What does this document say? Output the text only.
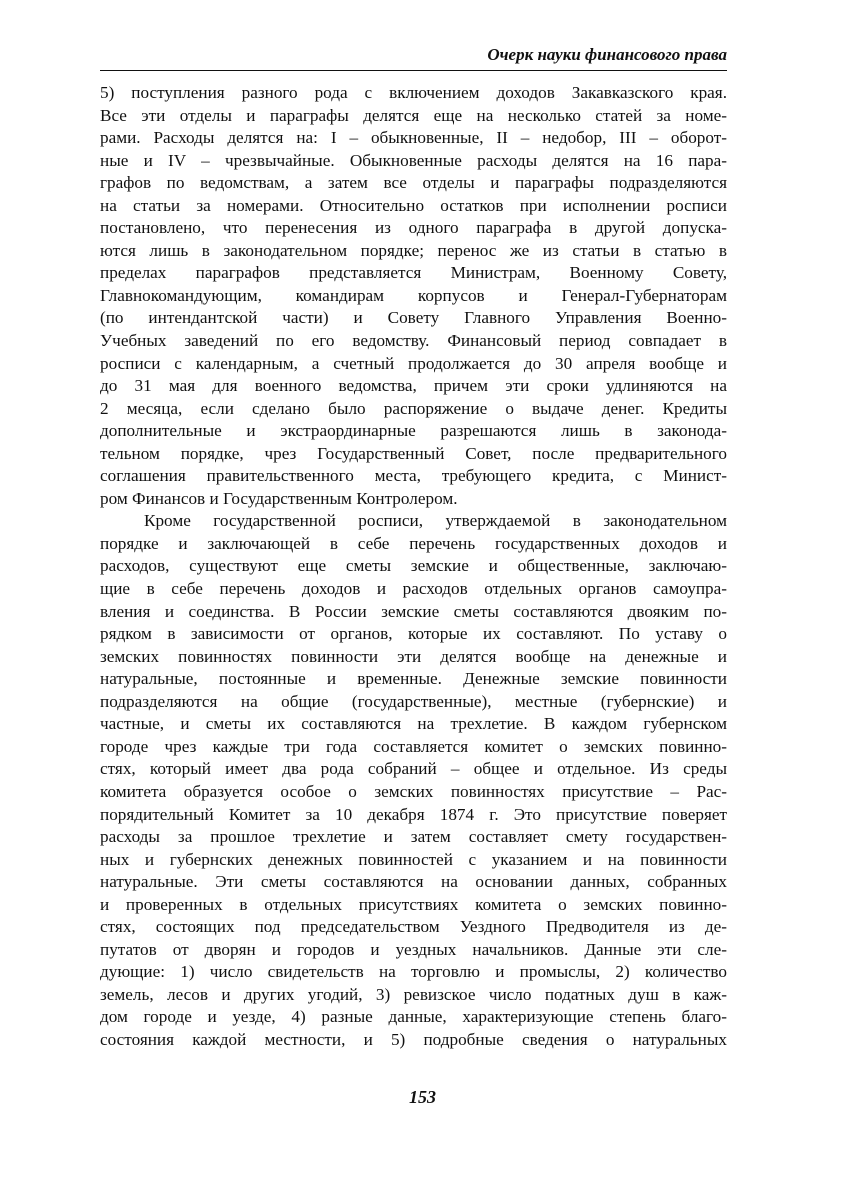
Очерк науки финансового права
5) поступления разного рода с включением доходов Закавказского края.
Все эти отделы и параграфы делятся еще на несколько статей за номе-
рами. Расходы делятся на: I – обыкновенные, II – недобор, III – оборот-
ные и IV – чрезвычайные. Обыкновенные расходы делятся на 16 пара-
графов по ведомствам, а затем все отделы и параграфы подразделяются
на статьи за номерами. Относительно остатков при исполнении росписи
постановлено, что перенесения из одного параграфа в другой допуска-
ются лишь в законодательном порядке; перенос же из статьи в статью в
пределах параграфов представляется Министрам, Военному Совету,
Главнокомандующим, командирам корпусов и Генерал-Губернаторам
(по интендантской части) и Совету Главного Управления Военно-
Учебных заведений по его ведомству. Финансовый период совпадает в
росписи с календарным, а счетный продолжается до 30 апреля вообще и
до 31 мая для военного ведомства, причем эти сроки удлиняются на
2 месяца, если сделано было распоряжение о выдаче денег. Кредиты
дополнительные и экстраординарные разрешаются лишь в законода-
тельном порядке, чрез Государственный Совет, после предварительного
соглашения правительственного места, требующего кредита, с Минист-
ром Финансов и Государственным Контролером.
Кроме государственной росписи, утверждаемой в законодательном
порядке и заключающей в себе перечень государственных доходов и
расходов, существуют еще сметы земские и общественные, заключаю-
щие в себе перечень доходов и расходов отдельных органов самоупра-
вления и соединства. В России земские сметы составляются двояким по-
рядком в зависимости от органов, которые их составляют. По уставу о
земских повинностях повинности эти делятся вообще на денежные и
натуральные, постоянные и временные. Денежные земские повинности
подразделяются на общие (государственные), местные (губернские) и
частные, и сметы их составляются на трехлетие. В каждом губернском
городе чрез каждые три года составляется комитет о земских повинно-
стях, который имеет два рода собраний – общее и отдельное. Из среды
комитета образуется особое о земских повинностях присутствие – Рас-
порядительный Комитет за 10 декабря 1874 г. Это присутствие поверяет
расходы за прошлое трехлетие и затем составляет смету государствен-
ных и губернских денежных повинностей с указанием и на повинности
натуральные. Эти сметы составляются на основании данных, собранных
и проверенных в отдельных присутствиях комитета о земских повинно-
стях, состоящих под председательством Уездного Предводителя из де-
путатов от дворян и городов и уездных начальников. Данные эти сле-
дующие: 1) число свидетельств на торговлю и промыслы, 2) количество
земель, лесов и других угодий, 3) ревизское число податных душ в каж-
дом городе и уезде, 4) разные данные, характеризующие степень благо-
состояния каждой местности, и 5) подробные сведения о натуральных
153
